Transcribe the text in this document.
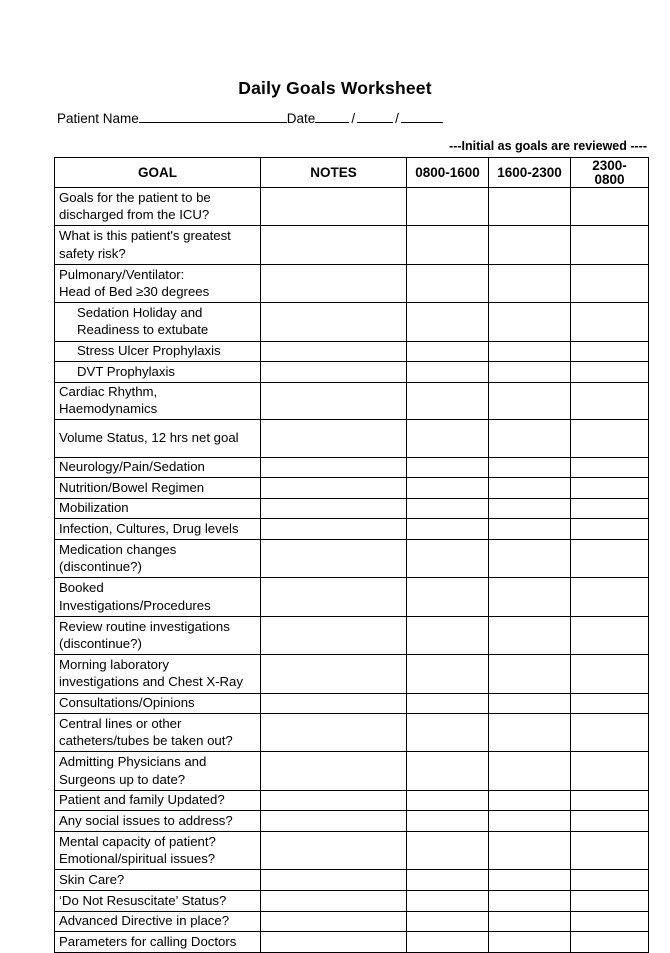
Daily Goals Worksheet
Patient Name	Date	/	/
---Initial as goals are reviewed ----
GOAL	NOTES	0800-1600	1600-2300	2300-
0800

Goals for the patient to be
discharged from the ICU?				

What is this patient's greatest
safety risk?				

Pulmonary/Ventilator:
Head of Bed ≥30 degrees				

Sedation Holiday and
Readiness to extubate				

Stress Ulcer Prophylaxis				

DVT Prophylaxis				

Cardiac Rhythm, Haemodynamics				

Volume Status, 12 hrs net goal				

Neurology/Pain/Sedation				

Nutrition/Bowel Regimen				

Mobilization				

Infection, Cultures, Drug levels				

Medication changes
(discontinue?)				

Booked
Investigations/Procedures				

Review routine investigations
(discontinue?)				

Morning laboratory
investigations and Chest X-Ray				

Consultations/Opinions				

Central lines or other
catheters/tubes be taken out?				

Admitting Physicians and
Surgeons up to date?				

Patient and family Updated?				

Any social issues to address?				

Mental capacity of patient?
Emotional/spiritual issues?				

Skin Care?				

‘Do Not Resuscitate’ Status?				

Advanced Directive in place?				

Parameters for calling Doctors				
